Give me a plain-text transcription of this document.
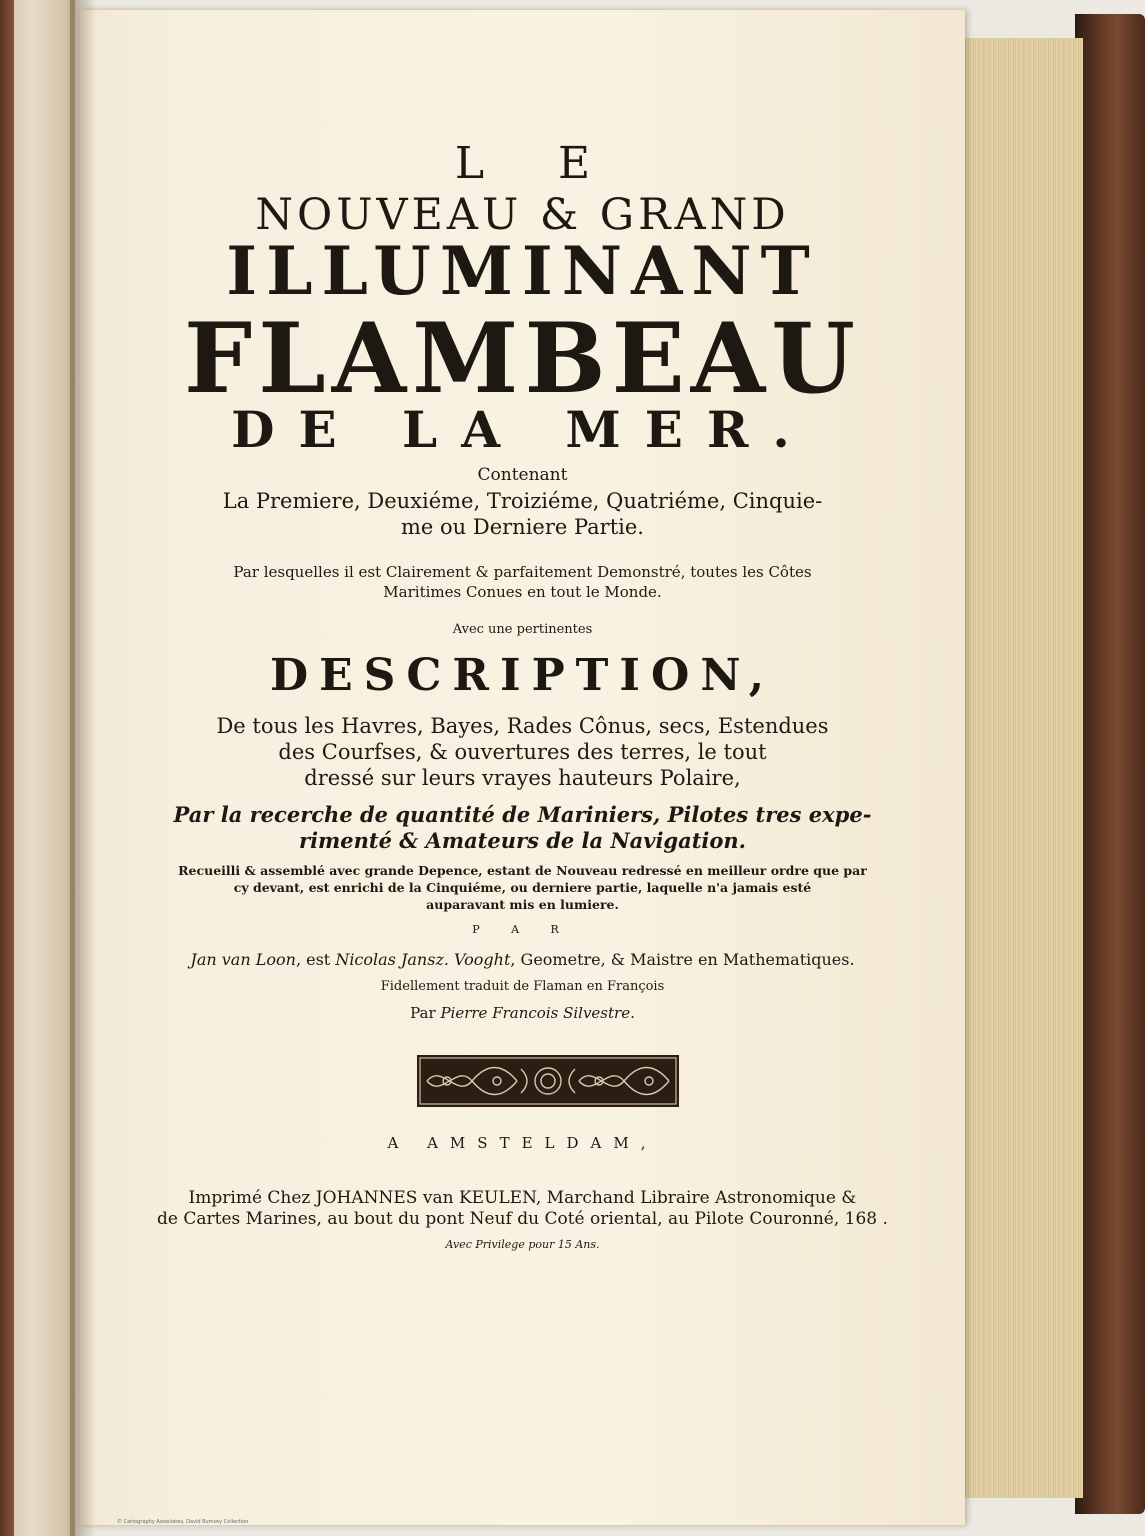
L E
NOUVEAU & GRAND
ILLUMINANT
FLAMBEAU
DE LA MER.
Contenant
La Premiere, Deuxiéme, Troiziéme, Quatriéme, Cinquie-
me ou Derniere Partie.
Par lesquelles il est Clairement & parfaitement Demonstré, toutes les Côtes
Maritimes Conues en tout le Monde.
Avec une pertinentes
DESCRIPTION,
De tous les Havres, Bayes, Rades Cônus, secs, Estendues
des Courfses, & ouvertures des terres, le tout
dressé sur leurs vrayes hauteurs Polaire,
Par la recerche de quantité de Mariniers, Pilotes tres expe-
rimenté & Amateurs de la Navigation.
Recueilli & assemblé avec grande Depence, estant de Nouveau redressé en meilleur ordre que par
cy devant, est enrichi de la Cinquiéme, ou derniere partie, laquelle n'a jamais esté
auparavant mis en lumiere.
P A R
Jan van Loon, est Nicolas Jansz. Vooght, Geometre, & Maistre en Mathematiques.
Fidellement traduit de Flaman en François
Par Pierre Francois Silvestre.
A AMSTELDAM,
Imprimé Chez JOHANNES van KEULEN, Marchand Libraire Astronomique &
de Cartes Marines, au bout du pont Neuf du Coté oriental, au Pilote Couronné, 168 .
Avec Privilege pour 15 Ans.
© Cartography Associates, David Rumsey Collection
